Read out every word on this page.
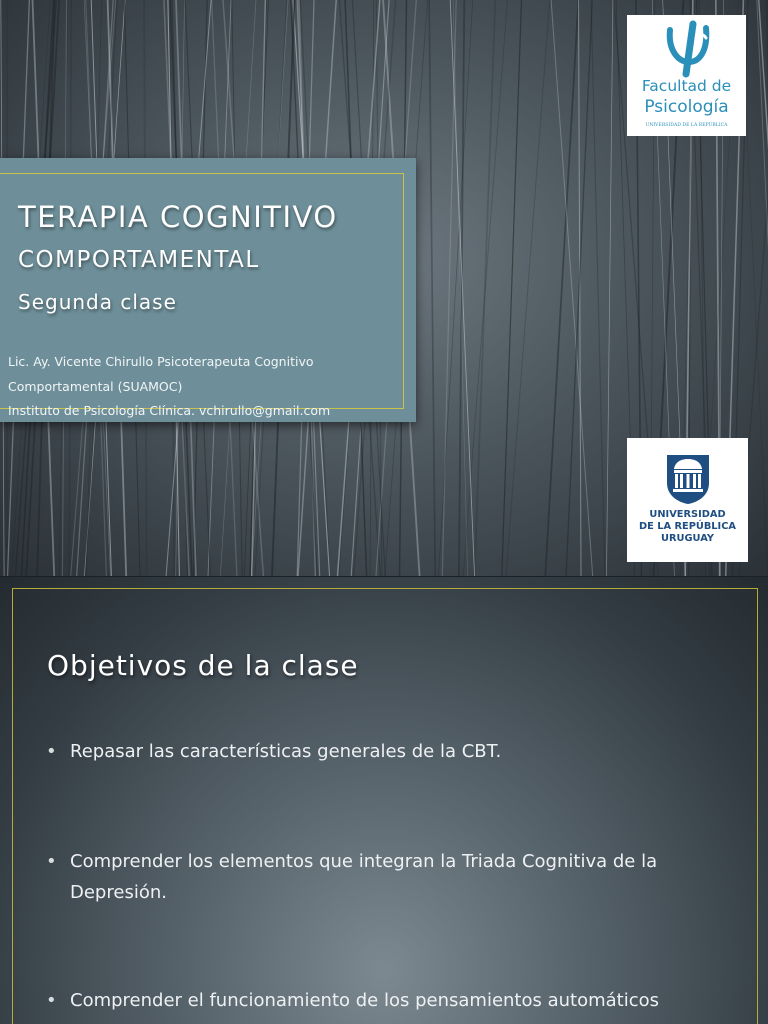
TERAPIA COGNITIVO
COMPORTAMENTAL

Segunda clase

Lic. Ay. Vicente Chirullo Psicoterapeuta Cognitivo
Comportamental (SUAMOC)
Instituto de Psicología Clínica. vchirullo@gmail.com
Facultad de
Psicología
UNIVERSIDAD DE LA REPÚBLICA
UNIVERSIDAD
DE LA REPÚBLICA
URUGUAY
Objetivos de la clase
• Repasar las características generales de la CBT.
• Comprender los elementos que integran la Triada Cognitiva de la Depresión.
• Comprender el funcionamiento de los pensamientos automáticos
